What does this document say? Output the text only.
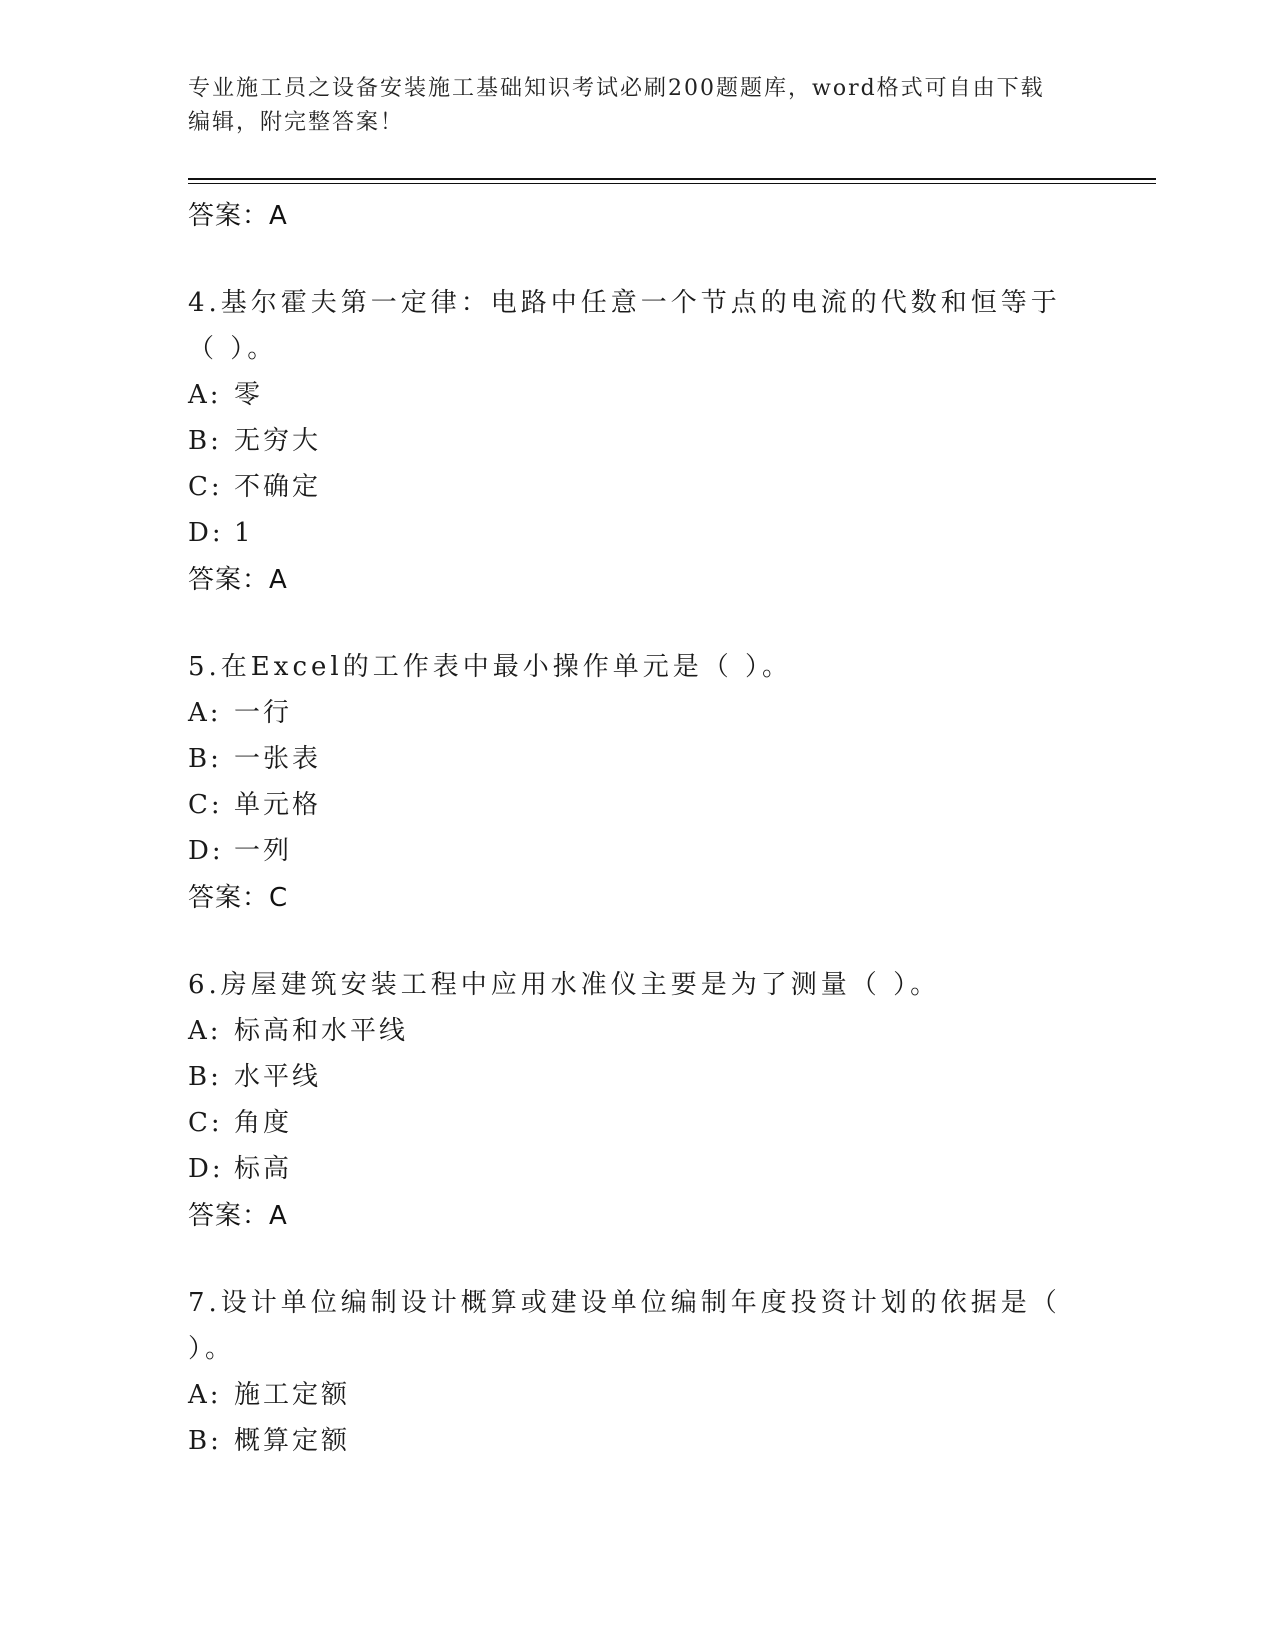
专业施工员之设备安装施工基础知识考试必刷200题题库，word格式可自由下载编辑，附完整答案！
答案：A
4.基尔霍夫第一定律：电路中任意一个节点的电流的代数和恒等于（ ）。
A: 零
B: 无穷大
C: 不确定
D: 1
答案：A
5.在Excel的工作表中最小操作单元是（ ）。
A: 一行
B: 一张表
C: 单元格
D: 一列
答案：C
6.房屋建筑安装工程中应用水准仪主要是为了测量（ ）。
A: 标高和水平线
B: 水平线
C: 角度
D: 标高
答案：A
7.设计单位编制设计概算或建设单位编制年度投资计划的依据是（ ）。
A: 施工定额
B: 概算定额
